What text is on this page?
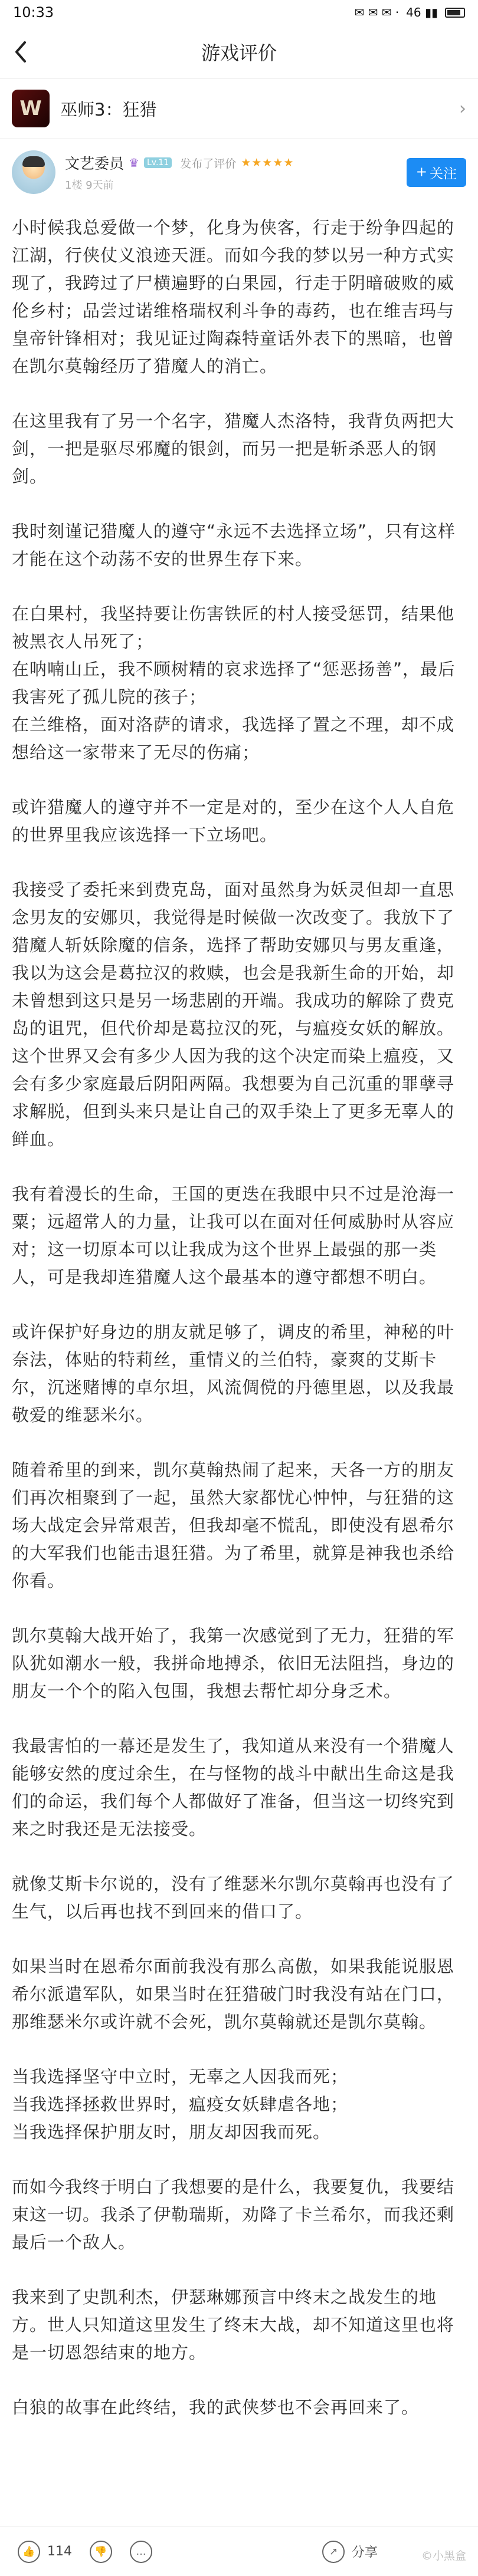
10:33	✉ ✉ ✉ · 46 ▮▮
游戏评价
W 巫师3：狂猎	›
文艺委员 ♛ Lv.11 发布了评价 ★★★★★
1楼 9天前
+ 关注

小时候我总爱做一个梦，化身为侠客，行走于纷争四起的江湖，行侠仗义浪迹天涯。而如今我的梦以另一种方式实现了，我跨过了尸横遍野的白果园，行走于阴暗破败的威伦乡村；品尝过诺维格瑞权利斗争的毒药，也在维吉玛与皇帝针锋相对；我见证过陶森特童话外表下的黑暗，也曾在凯尔莫翰经历了猎魔人的消亡。

在这里我有了另一个名字，猎魔人杰洛特，我背负两把大剑，一把是驱尽邪魔的银剑，而另一把是斩杀恶人的钢剑。

我时刻谨记猎魔人的遵守“永远不去选择立场”，只有这样才能在这个动荡不安的世界生存下来。

在白果村，我坚持要让伤害铁匠的村人接受惩罚，结果他被黑衣人吊死了；
在呐喃山丘，我不顾树精的哀求选择了“惩恶扬善”，最后我害死了孤儿院的孩子；
在兰维格，面对洛萨的请求，我选择了置之不理，却不成想给这一家带来了无尽的伤痛；

或许猎魔人的遵守并不一定是对的，至少在这个人人自危的世界里我应该选择一下立场吧。

我接受了委托来到费克岛，面对虽然身为妖灵但却一直思念男友的安娜贝，我觉得是时候做一次改变了。我放下了猎魔人斩妖除魔的信条，选择了帮助安娜贝与男友重逢，我以为这会是葛拉汉的救赎，也会是我新生命的开始，却未曾想到这只是另一场悲剧的开端。我成功的解除了费克岛的诅咒，但代价却是葛拉汉的死，与瘟疫女妖的解放。这个世界又会有多少人因为我的这个决定而染上瘟疫，又会有多少家庭最后阴阳两隔。我想要为自己沉重的罪孽寻求解脱，但到头来只是让自己的双手染上了更多无辜人的鲜血。

我有着漫长的生命，王国的更迭在我眼中只不过是沧海一粟；远超常人的力量，让我可以在面对任何威胁时从容应对；这一切原本可以让我成为这个世界上最强的那一类人，可是我却连猎魔人这个最基本的遵守都想不明白。

或许保护好身边的朋友就足够了，调皮的希里，神秘的叶奈法，体贴的特莉丝，重情义的兰伯特，豪爽的艾斯卡尔，沉迷赌博的卓尔坦，风流倜傥的丹德里恩，以及我最敬爱的维瑟米尔。

随着希里的到来，凯尔莫翰热闹了起来，天各一方的朋友们再次相聚到了一起，虽然大家都忧心忡忡，与狂猎的这场大战定会异常艰苦，但我却毫不慌乱，即使没有恩希尔的大军我们也能击退狂猎。为了希里，就算是神我也杀给你看。

凯尔莫翰大战开始了，我第一次感觉到了无力，狂猎的军队犹如潮水一般，我拼命地搏杀，依旧无法阻挡，身边的朋友一个个的陷入包围，我想去帮忙却分身乏术。

我最害怕的一幕还是发生了，我知道从来没有一个猎魔人能够安然的度过余生，在与怪物的战斗中献出生命这是我们的命运，我们每个人都做好了准备，但当这一切终究到来之时我还是无法接受。

就像艾斯卡尔说的，没有了维瑟米尔凯尔莫翰再也没有了生气，以后再也找不到回来的借口了。

如果当时在恩希尔面前我没有那么高傲，如果我能说服恩希尔派遣军队，如果当时在狂猎破门时我没有站在门口，那维瑟米尔或许就不会死，凯尔莫翰就还是凯尔莫翰。

当我选择坚守中立时，无辜之人因我而死；
当我选择拯救世界时，瘟疫女妖肆虐各地；
当我选择保护朋友时，朋友却因我而死。

而如今我终于明白了我想要的是什么，我要复仇，我要结束这一切。我杀了伊勒瑞斯，劝降了卡兰希尔，而我还剩最后一个敌人。

我来到了史凯利杰，伊瑟琳娜预言中终末之战发生的地方。世人只知道这里发生了终末大战，却不知道这里也将是一切恩怨结束的地方。

白狼的故事在此终结，我的武侠梦也不会再回来了。

👍 114	👎	…	↗	分享	©小黑盒
